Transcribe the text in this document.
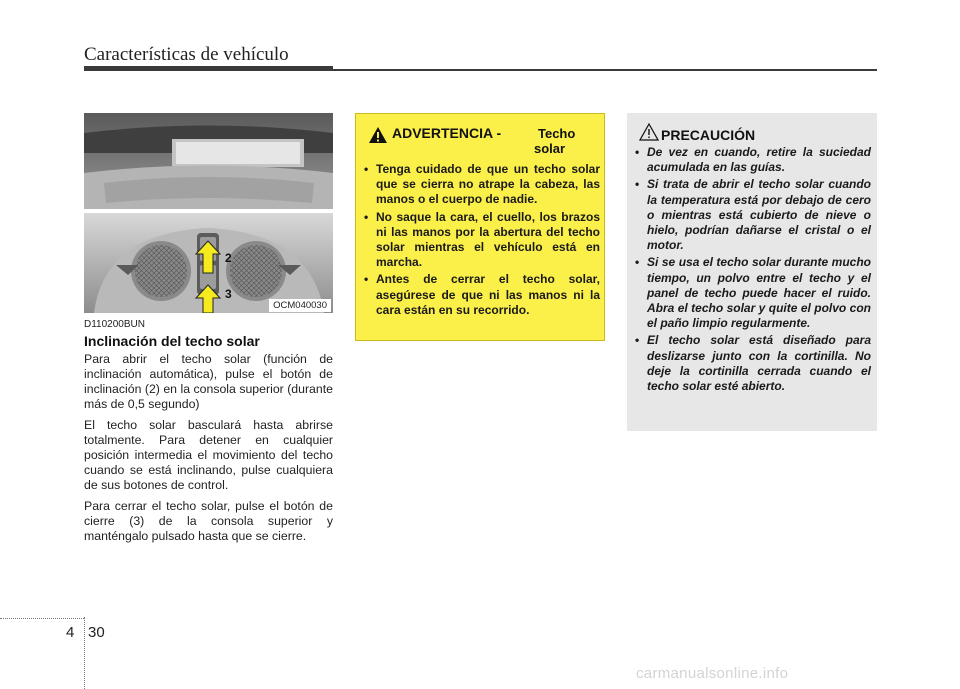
Características de vehículo
2
3
OCM040030
D110200BUN
Inclinación del techo solar

Para abrir el techo solar (función de inclinación automática), pulse el botón de inclinación (2) en la consola superior (durante más de 0,5 segundo)

El techo solar basculará hasta abrirse totalmente. Para detener en cualquier posición intermedia el movimiento del techo cuando se está inclinando, pulse cualquiera de sus botones de control.

Para cerrar el techo solar, pulse el botón de cierre (3) de la consola superior y manténgalo pulsado hasta que se cierre.

ADVERTENCIA -	Techo
solar
• Tenga cuidado de que un techo solar que se cierra no atrape la cabeza, las manos o el cuerpo de nadie.
• No saque la cara, el cuello, los brazos ni las manos por la abertura del techo solar mientras el vehículo está en marcha.
• Antes de cerrar el techo solar, asegúrese de que ni las manos ni la cara están en su recorrido.
PRECAUCIÓN
• De vez en cuando, retire la suciedad acumulada en las guías.
• Si trata de abrir el techo solar cuando la temperatura está por debajo de cero o mientras está cubierto de nieve o hielo, podrían dañarse el cristal o el motor.
• Si se usa el techo solar durante mucho tiempo, un polvo entre el techo y el panel de techo puede hacer el ruido. Abra el techo solar y quite el polvo con el paño limpio regularmente.
• El techo solar está diseñado para deslizarse junto con la cortinilla. No deje la cortinilla cerrada cuando el techo solar esté abierto.
4 30
carmanualsonline.info
